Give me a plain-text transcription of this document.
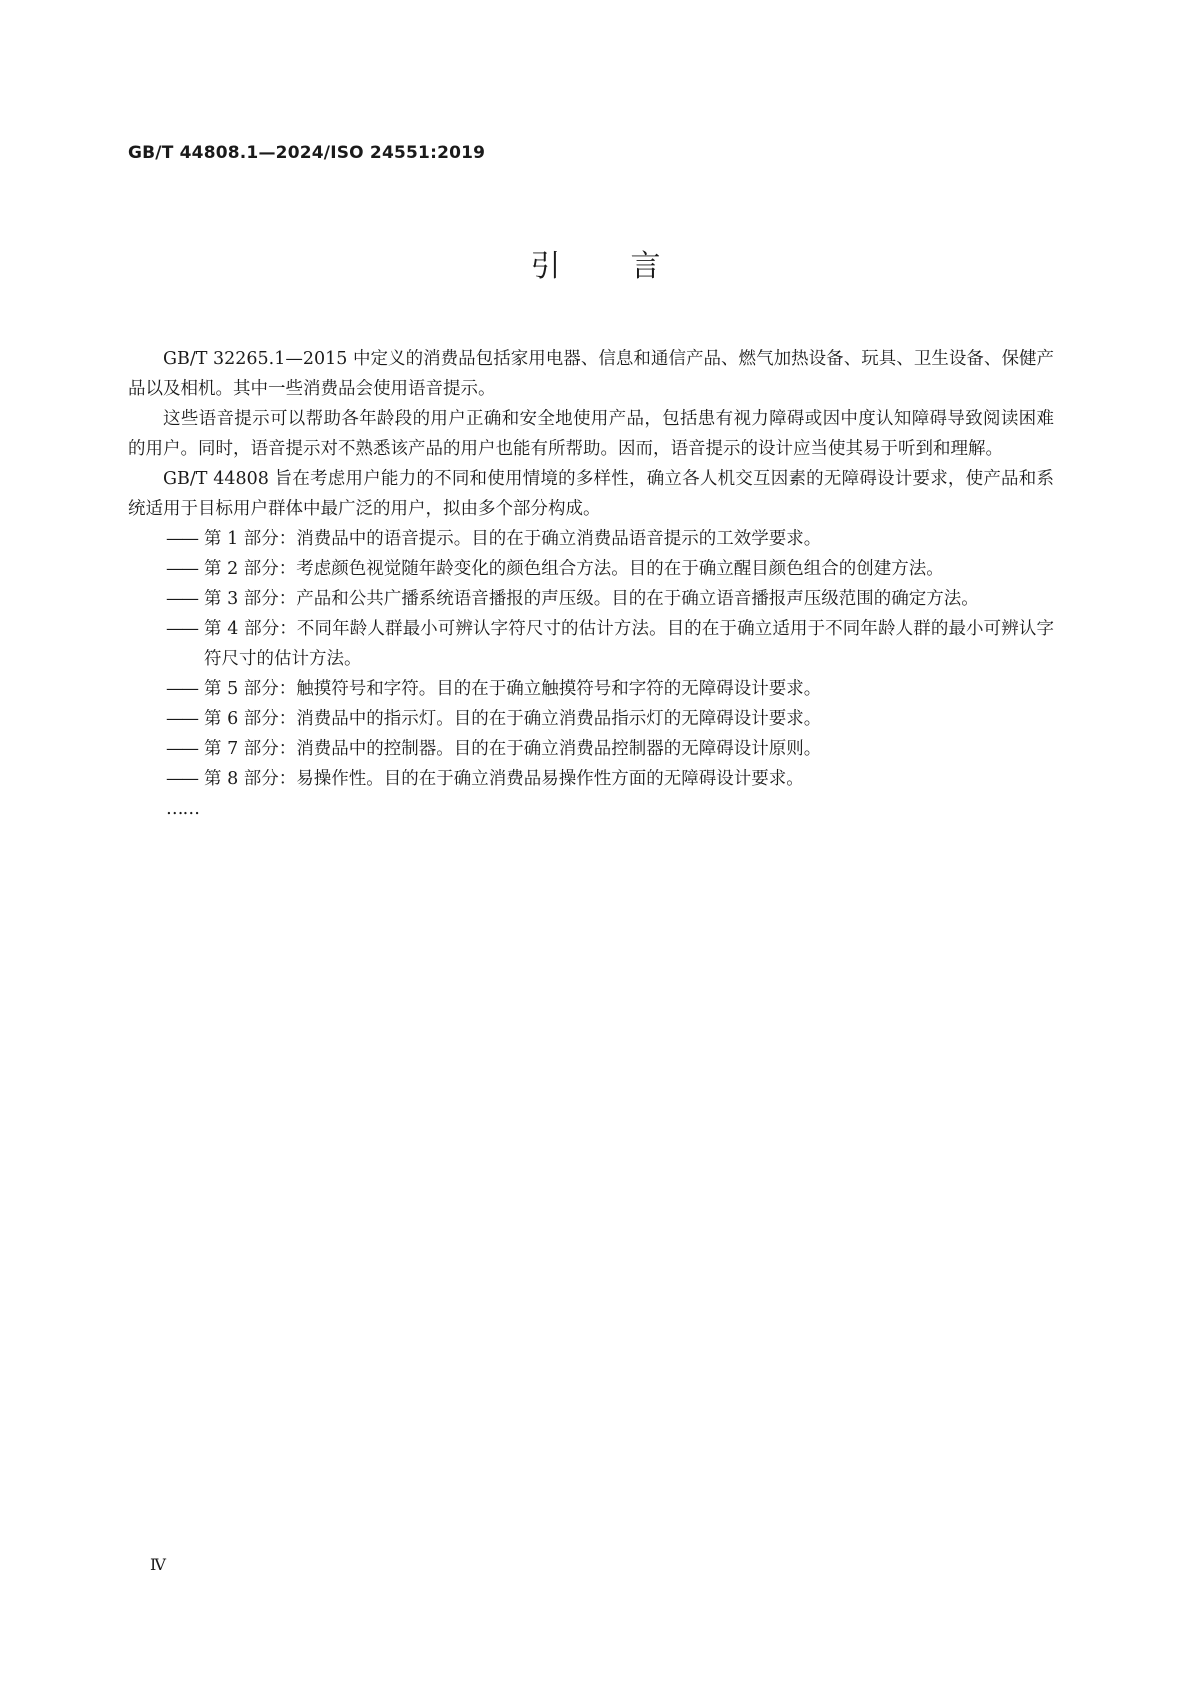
GB/T 44808.1—2024/ISO 24551:2019
引言

GB/T 32265.1—2015 中定义的消费品包括家用电器、信息和通信产品、燃气加热设备、玩具、卫生设备、保健产品以及相机。其中一些消费品会使用语音提示。

这些语音提示可以帮助各年龄段的用户正确和安全地使用产品，包括患有视力障碍或因中度认知障碍导致阅读困难的用户。同时，语音提示对不熟悉该产品的用户也能有所帮助。因而，语音提示的设计应当使其易于听到和理解。

GB/T 44808 旨在考虑用户能力的不同和使用情境的多样性，确立各人机交互因素的无障碍设计要求，使产品和系统适用于目标用户群体中最广泛的用户，拟由多个部分构成。

—— 第 1 部分：消费品中的语音提示。目的在于确立消费品语音提示的工效学要求。
—— 第 2 部分：考虑颜色视觉随年龄变化的颜色组合方法。目的在于确立醒目颜色组合的创建方法。
—— 第 3 部分：产品和公共广播系统语音播报的声压级。目的在于确立语音播报声压级范围的确定方法。
—— 第 4 部分：不同年龄人群最小可辨认字符尺寸的估计方法。目的在于确立适用于不同年龄人群的最小可辨认字符尺寸的估计方法。
—— 第 5 部分：触摸符号和字符。目的在于确立触摸符号和字符的无障碍设计要求。
—— 第 6 部分：消费品中的指示灯。目的在于确立消费品指示灯的无障碍设计要求。
—— 第 7 部分：消费品中的控制器。目的在于确立消费品控制器的无障碍设计原则。
—— 第 8 部分：易操作性。目的在于确立消费品易操作性方面的无障碍设计要求。
……
Ⅳ
